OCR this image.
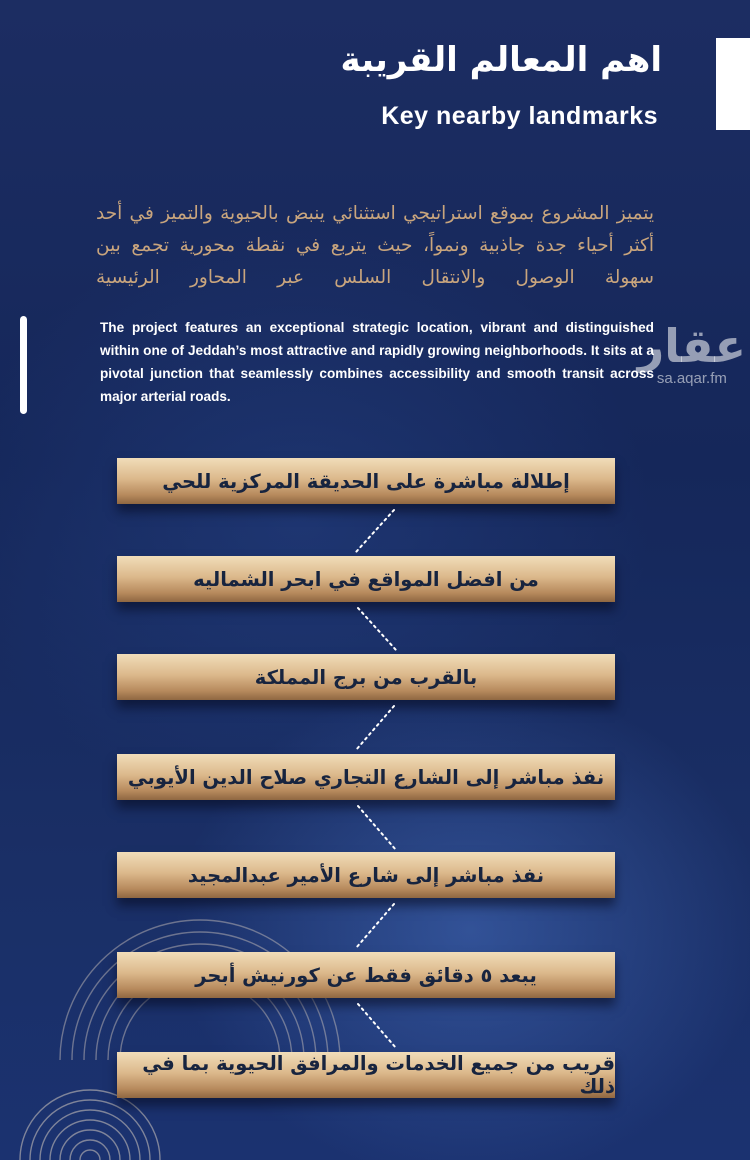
اهم المعالم القريبة
Key nearby landmarks
يتميز المشروع بموقع استراتيجي استثنائي ينبض بالحيوية والتميز في أحد أكثر أحياء جدة جاذبية ونمواً، حيث يتربع في نقطة محورية تجمع بين سهولة الوصول والانتقال السلس عبر المحاور الرئيسية
The project features an exceptional strategic location, vibrant and distinguished within one of Jeddah’s most attractive and rapidly growing neighborhoods. It sits at a pivotal junction that seamlessly combines accessibility and smooth transit across major arterial roads.
عقار
sa.aqar.fm
إطلالة مباشرة على الحديقة المركزية للحي
من افضل المواقع في ابحر الشماليه
بالقرب من برج المملكة
نفذ مباشر إلى الشارع التجاري صلاح الدين الأيوبي
نفذ مباشر إلى شارع الأمير عبدالمجيد
يبعد ٥ دقائق فقط عن كورنيش أبحر
قريب من جميع الخدمات والمرافق الحيوية بما في ذلك
